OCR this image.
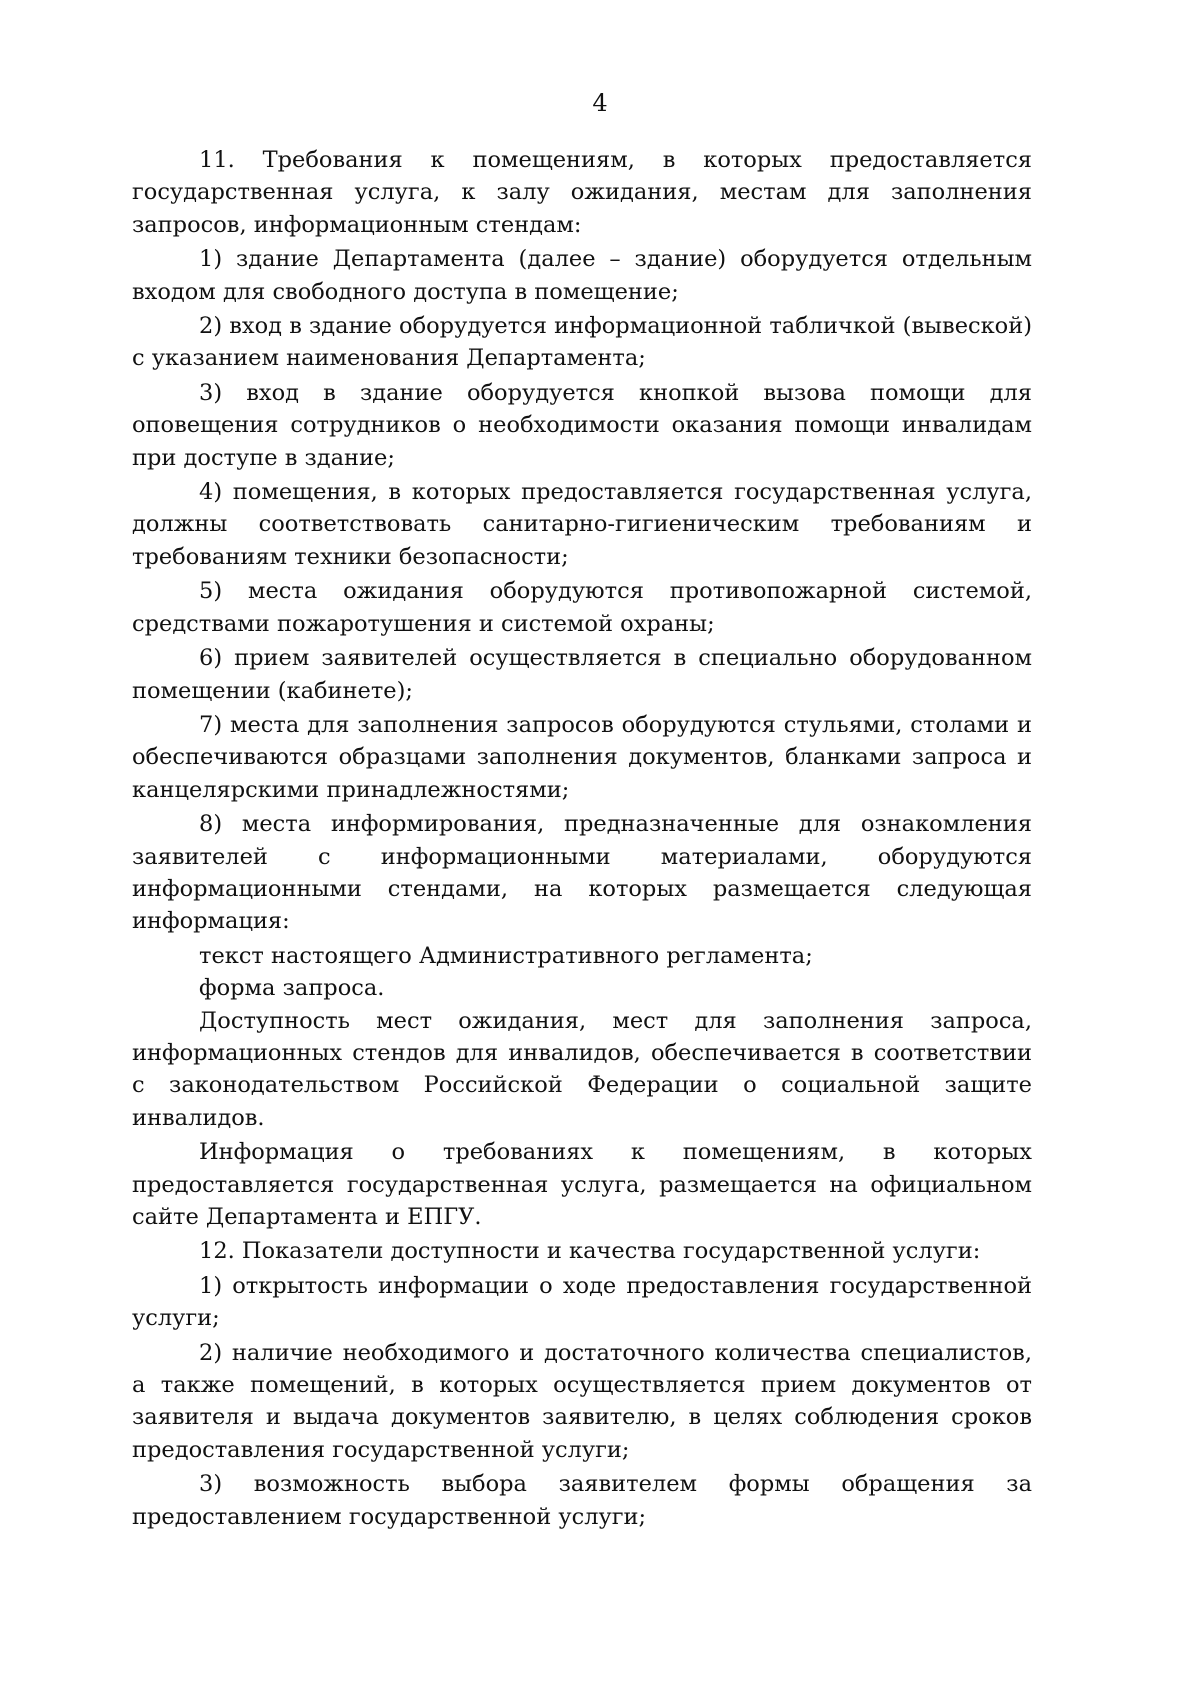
4

11. Требования к помещениям, в которых предоставляется государственная услуга, к залу ожидания, местам для заполнения запросов, информационным стендам:

1) здание Департамента (далее – здание) оборудуется отдельным входом для свободного доступа в помещение;

2) вход в здание оборудуется информационной табличкой (вывеской) с указанием наименования Департамента;

3) вход в здание оборудуется кнопкой вызова помощи для оповещения сотрудников о необходимости оказания помощи инвалидам при доступе в здание;

4) помещения, в которых предоставляется государственная услуга, должны соответствовать санитарно-гигиеническим требованиям и требованиям техники безопасности;

5) места ожидания оборудуются противопожарной системой, средствами пожаротушения и системой охраны;

6) прием заявителей осуществляется в специально оборудованном помещении (кабинете);

7) места для заполнения запросов оборудуются стульями, столами и обеспечиваются образцами заполнения документов, бланками запроса и канцелярскими принадлежностями;

8) места информирования, предназначенные для ознакомления заявителей с информационными материалами, оборудуются информационными стендами, на которых размещается следующая информация:

текст настоящего Административного регламента;

форма запроса.

Доступность мест ожидания, мест для заполнения запроса, информационных стендов для инвалидов, обеспечивается в соответствии с законодательством Российской Федерации о социальной защите инвалидов.

Информация о требованиях к помещениям, в которых предоставляется государственная услуга, размещается на официальном сайте Департамента и ЕПГУ.

12. Показатели доступности и качества государственной услуги:

1) открытость информации о ходе предоставления государственной услуги;

2) наличие необходимого и достаточного количества специалистов, а также помещений, в которых осуществляется прием документов от заявителя и выдача документов заявителю, в целях соблюдения сроков предоставления государственной услуги;

3) возможность выбора заявителем формы обращения за предоставлением государственной услуги;
